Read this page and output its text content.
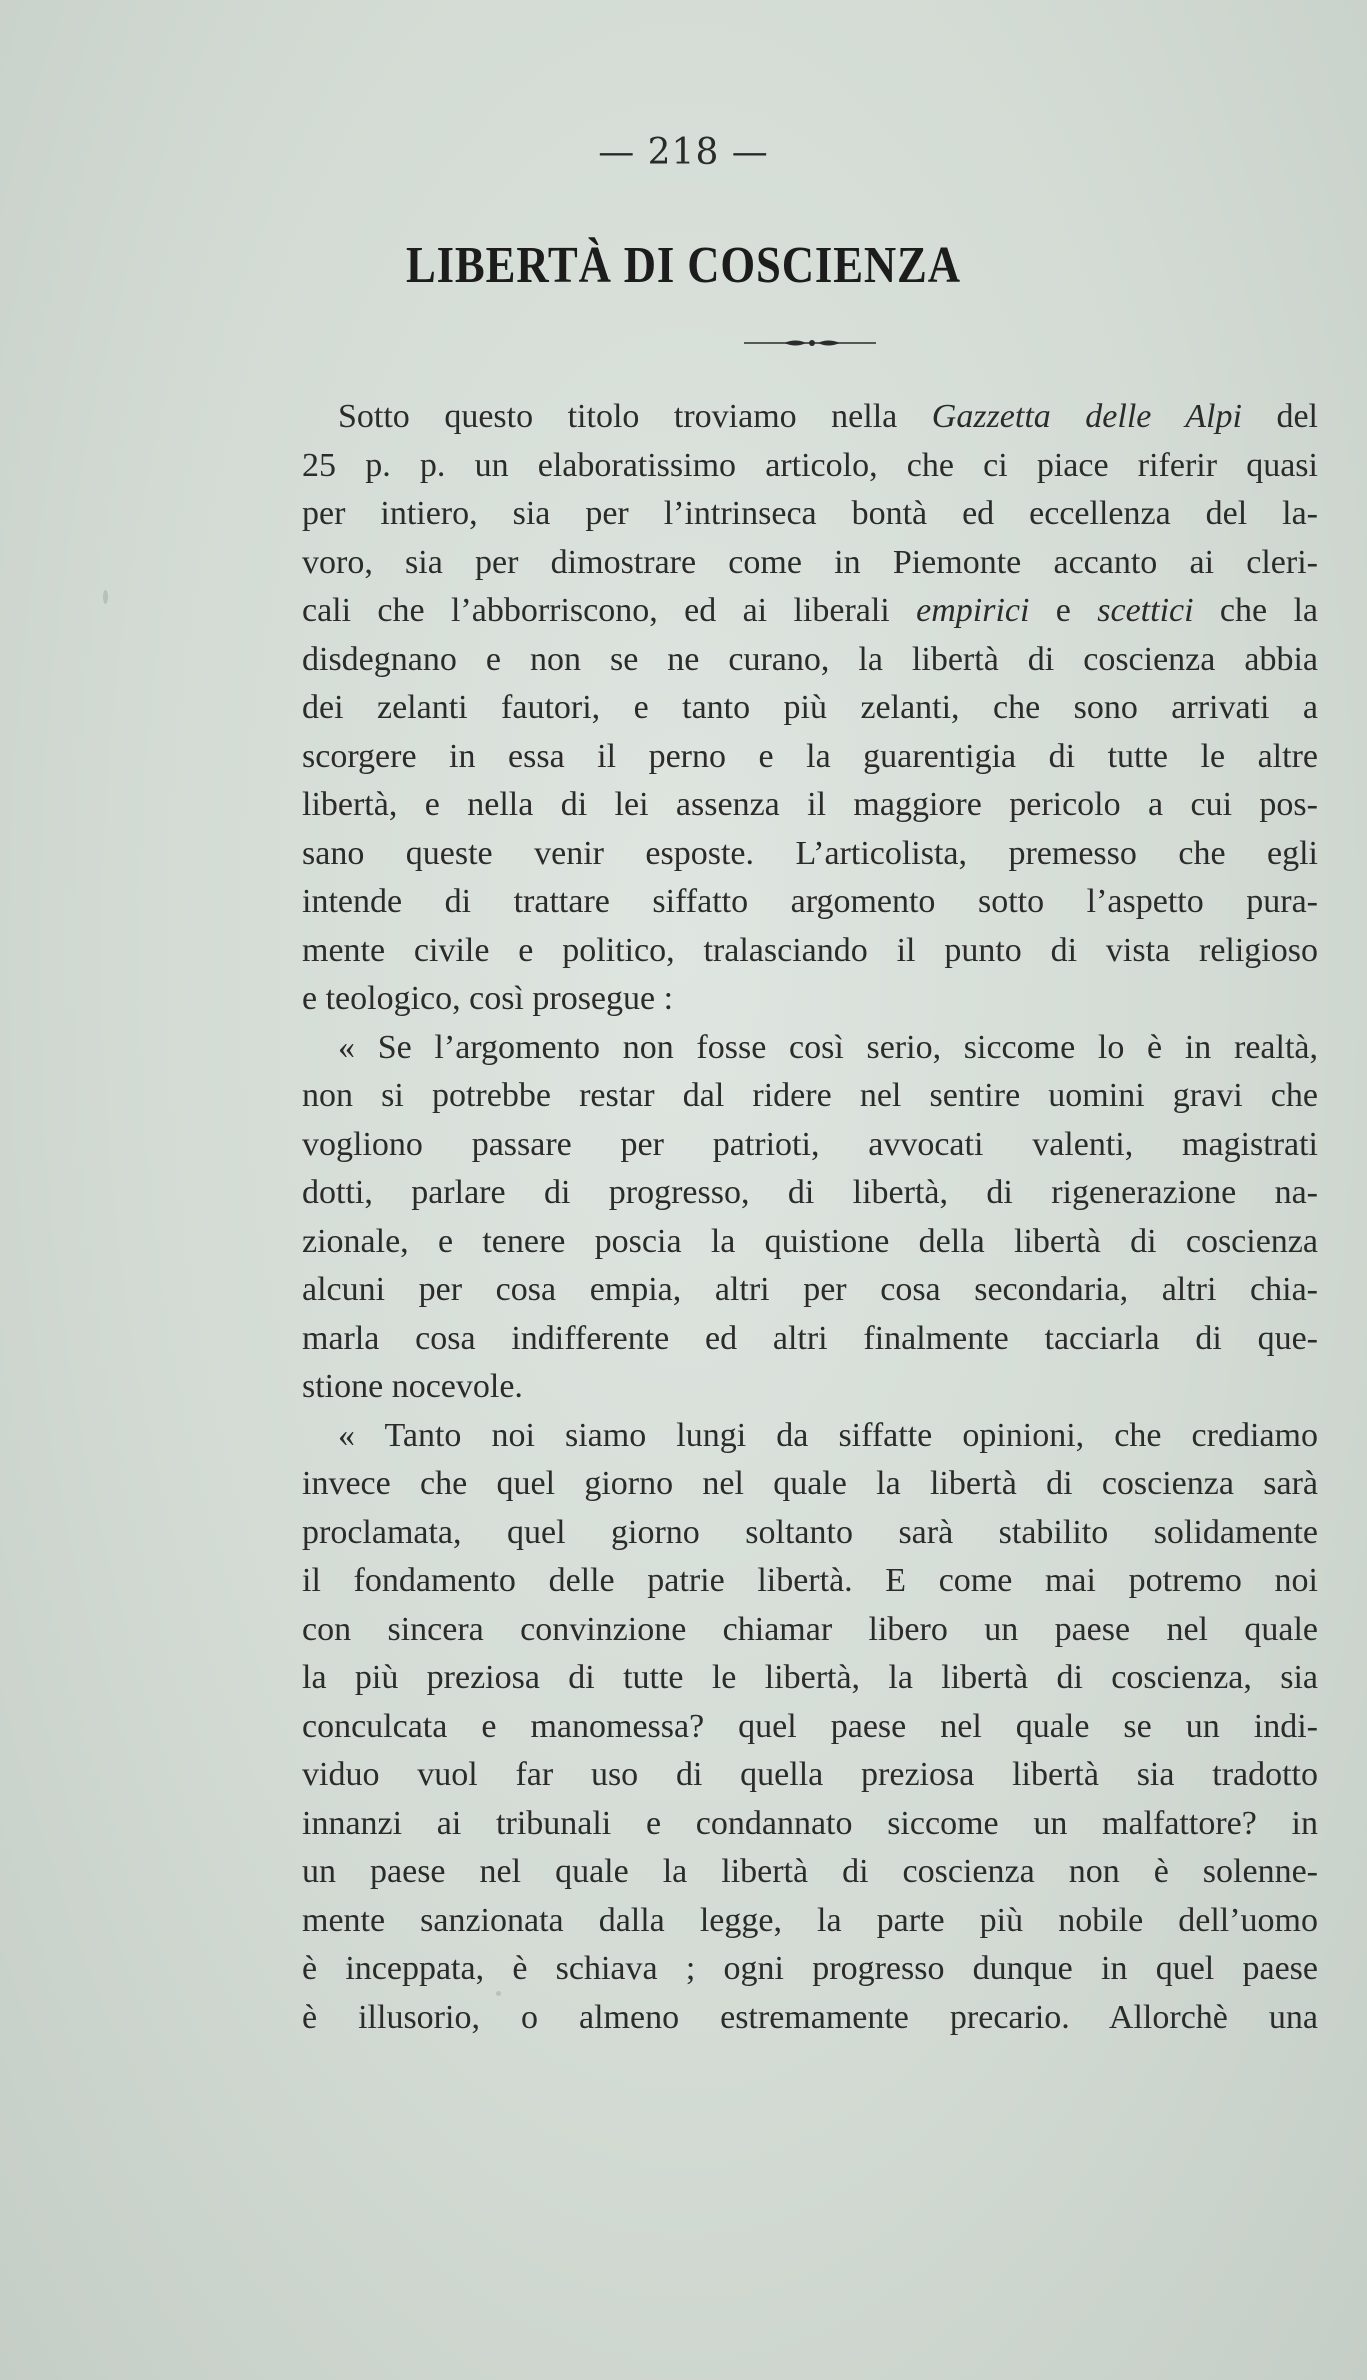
— 218 —
LIBERTÀ DI COSCIENZA
Sotto questo titolo troviamo nella Gazzetta delle Alpi del
25 p. p. un elaboratissimo articolo, che ci piace riferir quasi
per intiero, sia per l’intrinseca bontà ed eccellenza del la-
voro, sia per dimostrare come in Piemonte accanto ai cleri-
cali che l’abborriscono, ed ai liberali empirici e scettici che la
disdegnano e non se ne curano, la libertà di coscienza abbia
dei zelanti fautori, e tanto più zelanti, che sono arrivati a
scorgere in essa il perno e la guarentigia di tutte le altre
libertà, e nella di lei assenza il maggiore pericolo a cui pos-
sano queste venir esposte. L’articolista, premesso che egli
intende di trattare siffatto argomento sotto l’aspetto pura-
mente civile e politico, tralasciando il punto di vista religioso
e teologico, così prosegue :
« Se l’argomento non fosse così serio, siccome lo è in realtà,
non si potrebbe restar dal ridere nel sentire uomini gravi che
vogliono passare per patrioti, avvocati valenti, magistrati
dotti, parlare di progresso, di libertà, di rigenerazione na-
zionale, e tenere poscia la quistione della libertà di coscienza
alcuni per cosa empia, altri per cosa secondaria, altri chia-
marla cosa indifferente ed altri finalmente tacciarla di que-
stione nocevole.
« Tanto noi siamo lungi da siffatte opinioni, che crediamo
invece che quel giorno nel quale la libertà di coscienza sarà
proclamata, quel giorno soltanto sarà stabilito solidamente
il fondamento delle patrie libertà. E come mai potremo noi
con sincera convinzione chiamar libero un paese nel quale
la più preziosa di tutte le libertà, la libertà di coscienza, sia
conculcata e manomessa? quel paese nel quale se un indi-
viduo vuol far uso di quella preziosa libertà sia tradotto
innanzi ai tribunali e condannato siccome un malfattore? in
un paese nel quale la libertà di coscienza non è solenne-
mente sanzionata dalla legge, la parte più nobile dell’uomo
è inceppata, è schiava ; ogni progresso dunque in quel paese
è illusorio, o almeno estremamente precario. Allorchè una
